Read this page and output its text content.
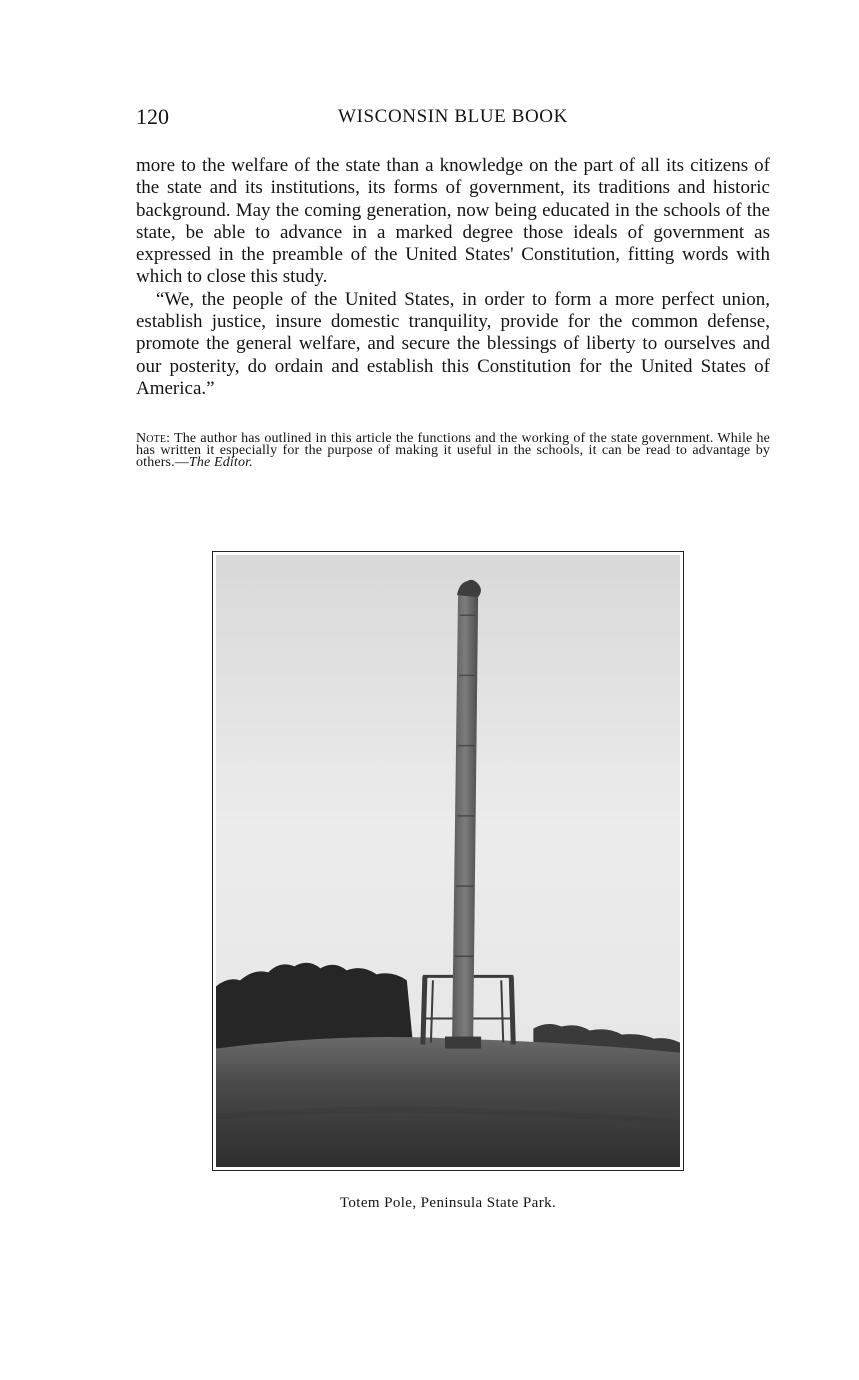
120	WISCONSIN BLUE BOOK

more to the welfare of the state than a knowledge on the part of all its citizens of the state and its institutions, its forms of government, its traditions and historic background. May the coming generation, now being educated in the schools of the state, be able to advance in a marked degree those ideals of government as expressed in the preamble of the United States' Constitution, fitting words with which to close this study.

“We, the people of the United States, in order to form a more perfect union, establish justice, insure domestic tranquility, provide for the common defense, promote the general welfare, and secure the blessings of liberty to ourselves and our posterity, do ordain and establish this Constitution for the United States of America.”

Note: The author has outlined in this article the functions and the working of the state government. While he has written it especially for the purpose of making it useful in the schools, it can be read to advantage by others.—The Editor.
Totem Pole, Peninsula State Park.
